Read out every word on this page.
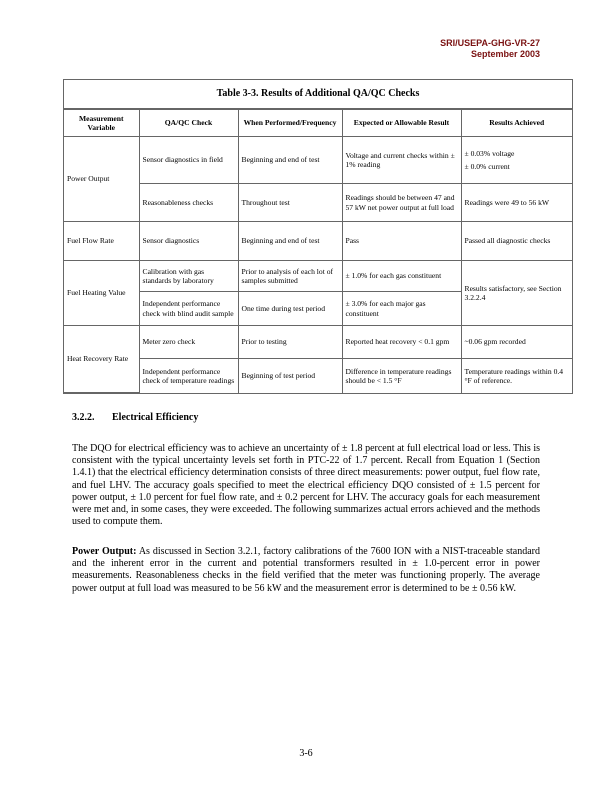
SRI/USEPA-GHG-VR-27
September 2003
Table 3-3. Results of Additional QA/QC Checks
Measurement Variable	QA/QC Check	When Performed/Frequency	Expected or Allowable Result	Results Achieved
Power Output	Sensor diagnostics in field	Beginning and end of test	Voltage and current checks within ± 1% reading	± 0.03% voltage
± 0.0% current

	Reasonableness checks	Throughout test	Readings should be between 47 and 57 kW net power output at full load	Readings were 49 to 56 kW
Fuel Flow Rate	Sensor diagnostics	Beginning and end of test	Pass	Passed all diagnostic checks
Fuel Heating Value	Calibration with gas standards by laboratory	Prior to analysis of each lot of samples submitted	± 1.0% for each gas constituent	Results satisfactory, see Section 3.2.2.4
	Independent performance check with blind audit sample	One time during test period	± 3.0% for each major gas constituent	
Heat Recovery Rate	Meter zero check	Prior to testing	Reported heat recovery < 0.1 gpm	~0.06 gpm recorded
	Independent performance check of temperature readings	Beginning of test period	Difference in temperature readings should be < 1.5 °F	Temperature readings within 0.4 °F of reference.
3.2.2. Electrical Efficiency

The DQO for electrical efficiency was to achieve an uncertainty of ± 1.8 percent at full electrical load or less. This is consistent with the typical uncertainty levels set forth in PTC-22 of 1.7 percent. Recall from Equation 1 (Section 1.4.1) that the electrical efficiency determination consists of three direct measurements: power output, fuel flow rate, and fuel LHV. The accuracy goals specified to meet the electrical efficiency DQO consisted of ± 1.5 percent for power output, ± 1.0 percent for fuel flow rate, and ± 0.2 percent for LHV. The accuracy goals for each measurement were met and, in some cases, they were exceeded. The following summarizes actual errors achieved and the methods used to compute them.

Power Output: As discussed in Section 3.2.1, factory calibrations of the 7600 ION with a NIST-traceable standard and the inherent error in the current and potential transformers resulted in ± 1.0-percent error in power measurements. Reasonableness checks in the field verified that the meter was functioning properly. The average power output at full load was measured to be 56 kW and the measurement error is determined to be ± 0.56 kW.

3-6
